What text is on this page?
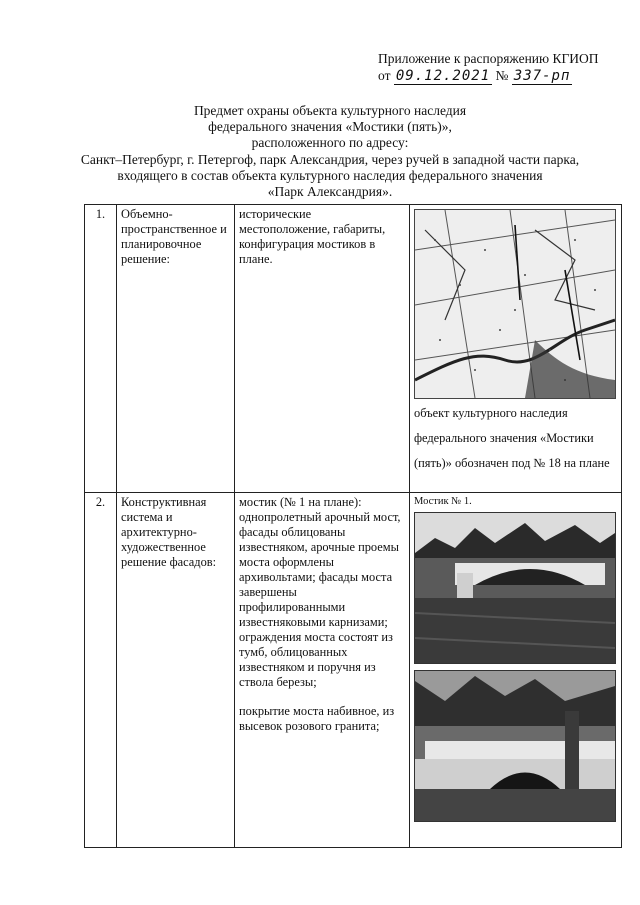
Приложение к распоряжению КГИОП
от 09.12.2021 № 337-рп
Предмет охраны объекта культурного наследия
федерального значения «Мостики (пять)»,
расположенного по адресу:
Санкт–Петербург, г. Петергоф, парк Александрия, через ручей в западной части парка,
входящего в состав объекта культурного наследия федерального значения
«Парк Александрия».
1.	Объемно-пространственное и планировочное решение:	исторические местоположение, габариты, конфигурация мостиков в плане.	объект культурного наследия федерального значения «Мостики (пять)» обозначен под № 18 на плане

2.	Конструктивная система и архитектурно-художественное решение фасадов:	мостик (№ 1 на плане): однопролетный арочный мост, фасады облицованы известняком, арочные проемы моста оформлены архивольтами; фасады моста завершены профилированными известняковыми карнизами; ограждения моста состоят из тумб, облицованных известняком и поручня из ствола березы;
покрытие моста набивное, из высевок розового гранита;	Мостик № 1.
